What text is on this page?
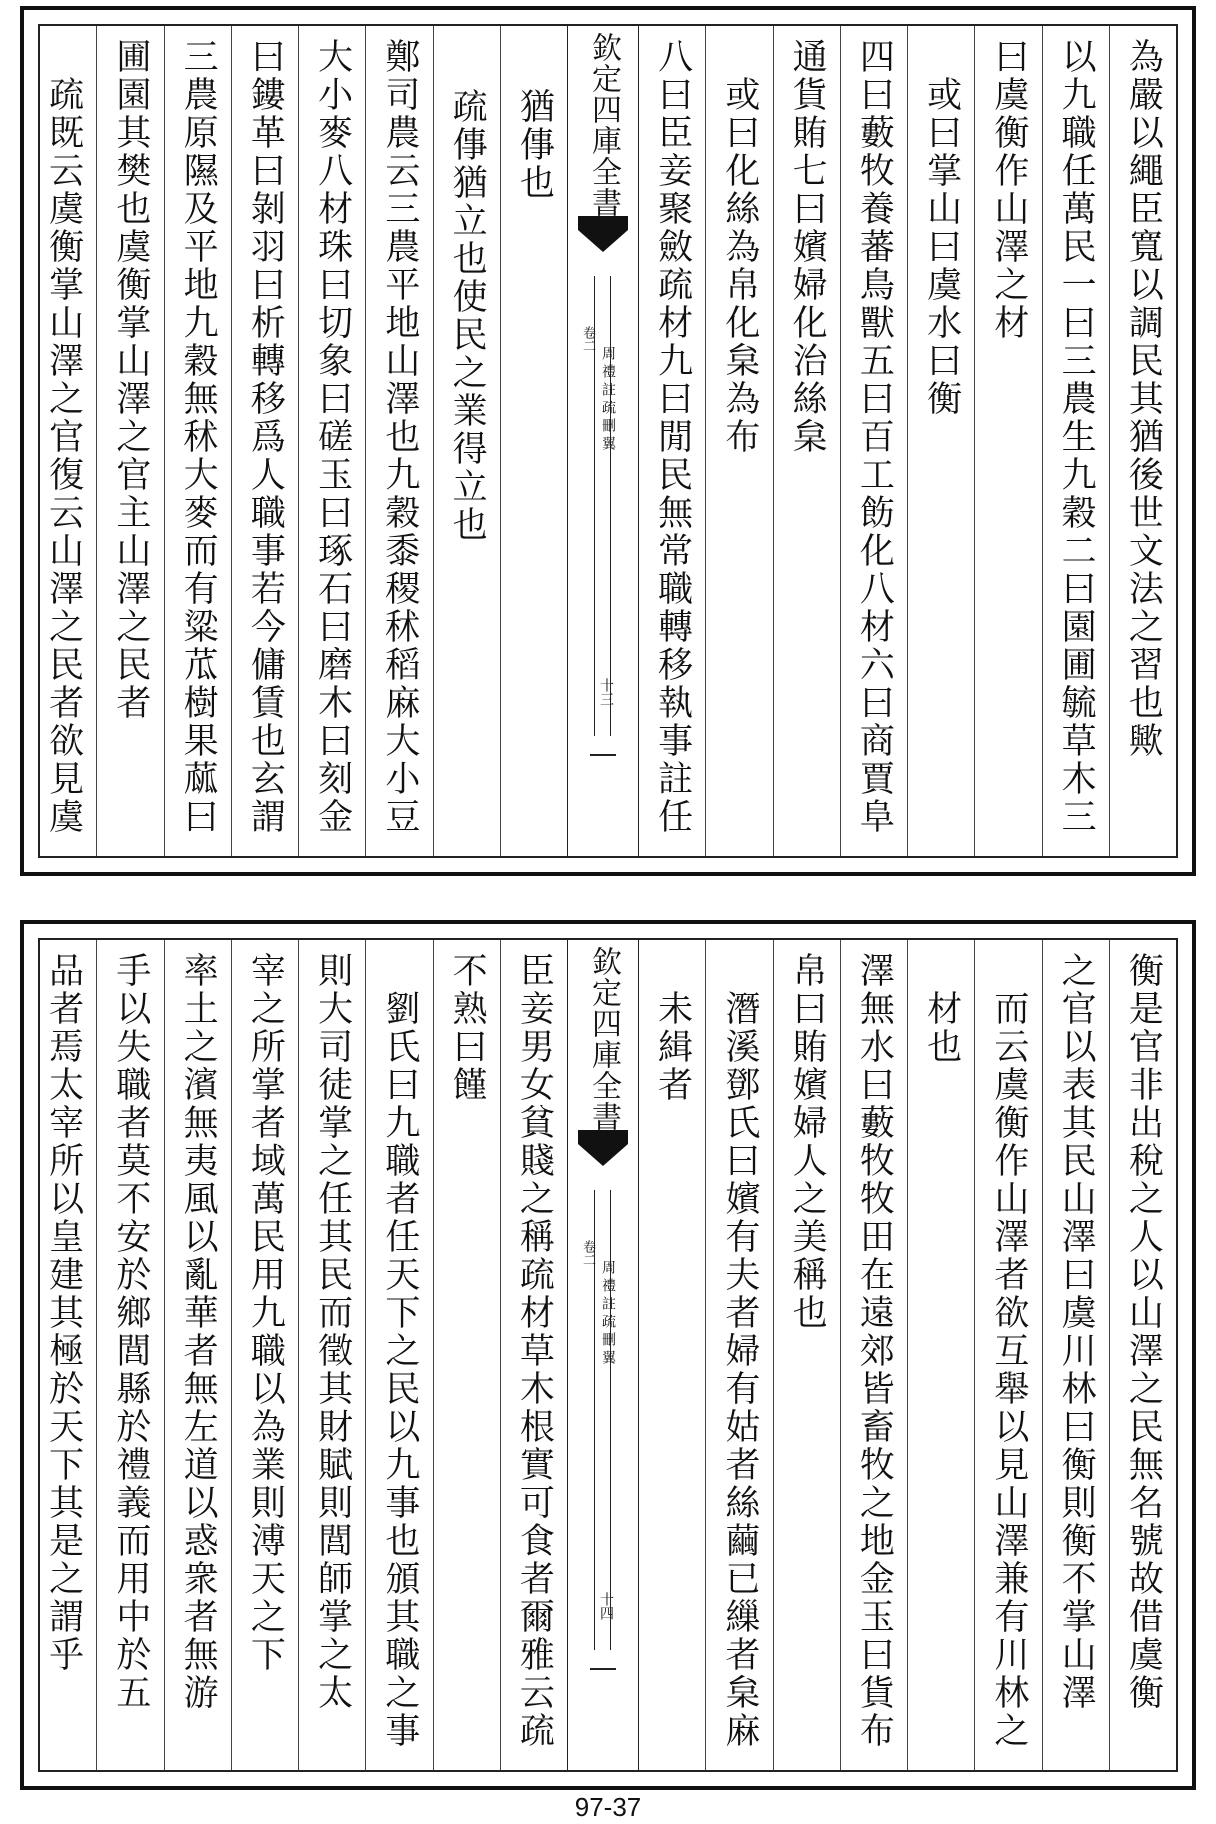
為嚴以繩臣寬以調民其猶後世文法之習也歟
以九職任萬民一曰三農生九穀二曰園圃毓草木三
曰虞衡作山澤之材
或曰掌山曰虞水曰衡
四曰藪牧養蕃鳥獸五曰百工飭化八材六曰商賈阜
通貨賄七曰嬪婦化治絲枲
或曰化絲為帛化枲為布
八曰臣妾聚斂疏材九曰閒民無常職轉移執事註任
欽定四庫全書
周禮註疏刪翼
卷二
十三
猶倳也
疏倳猶立也使民之業得立也
鄭司農云三農平地山澤也九穀黍稷秫稻麻大小豆
大小麥八材珠曰切象曰磋玉曰琢石曰磨木曰刻金
曰鏤革曰剝羽曰析轉移爲人職事若今傭賃也玄謂
三農原隰及平地九穀無秫大麥而有粱苽樹果蓏曰
圃園其樊也虞衡掌山澤之官主山澤之民者
疏既云虞衡掌山澤之官復云山澤之民者欲見虞
衡是官非出稅之人以山澤之民無名號故借虞衡
之官以表其民山澤曰虞川林曰衡則衡不掌山澤
而云虞衡作山澤者欲互舉以見山澤兼有川林之
材也
澤無水曰藪牧牧田在遠郊皆畜牧之地金玉曰貨布
帛曰賄嬪婦人之美稱也
潛溪鄧氏曰嬪有夫者婦有姑者絲繭已繅者枲麻
未緝者
欽定四庫全書
周禮註疏刪翼
卷二
十四
臣妾男女貧賤之稱疏材草木根實可食者爾雅云疏
不熟曰饉
劉氏曰九職者任天下之民以九事也頒其職之事
則大司徒掌之任其民而徵其財賦則閭師掌之太
宰之所掌者域萬民用九職以為業則溥天之下
率土之濱無夷風以亂華者無左道以惑衆者無游
手以失職者莫不安於鄉閭縣於禮義而用中於五
品者焉太宰所以皇建其極於天下其是之謂乎
97-37
